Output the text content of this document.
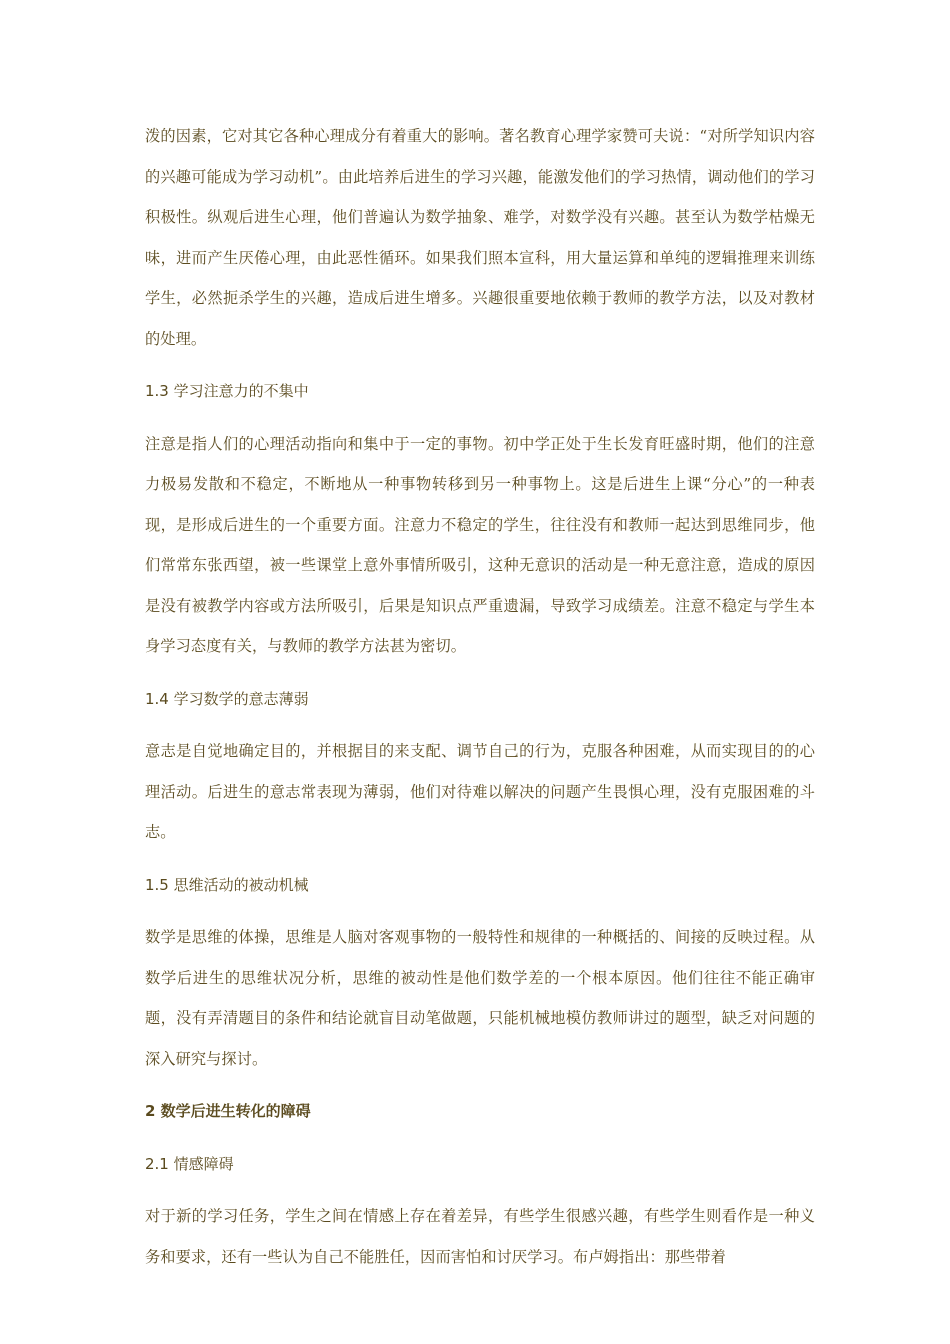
泼的因素，它对其它各种心理成分有着重大的影响。著名教育心理学家赞可夫说：“对所学知识内容的兴趣可能成为学习动机”。由此培养后进生的学习兴趣，能激发他们的学习热情，调动他们的学习积极性。纵观后进生心理，他们普遍认为数学抽象、难学，对数学没有兴趣。甚至认为数学枯燥无味，进而产生厌倦心理，由此恶性循环。如果我们照本宣科，用大量运算和单纯的逻辑推理来训练学生，必然扼杀学生的兴趣，造成后进生增多。兴趣很重要地依赖于教师的教学方法，以及对教材的处理。

1.3 学习注意力的不集中

注意是指人们的心理活动指向和集中于一定的事物。初中学正处于生长发育旺盛时期，他们的注意力极易发散和不稳定，不断地从一种事物转移到另一种事物上。这是后进生上课“分心”的一种表现，是形成后进生的一个重要方面。注意力不稳定的学生，往往没有和教师一起达到思维同步，他们常常东张西望，被一些课堂上意外事情所吸引，这种无意识的活动是一种无意注意，造成的原因是没有被教学内容或方法所吸引，后果是知识点严重遗漏，导致学习成绩差。注意不稳定与学生本身学习态度有关，与教师的教学方法甚为密切。

1.4 学习数学的意志薄弱

意志是自觉地确定目的，并根据目的来支配、调节自己的行为，克服各种困难，从而实现目的的心理活动。后进生的意志常表现为薄弱，他们对待难以解决的问题产生畏惧心理，没有克服困难的斗志。

1.5 思维活动的被动机械

数学是思维的体操，思维是人脑对客观事物的一般特性和规律的一种概括的、间接的反映过程。从数学后进生的思维状况分析，思维的被动性是他们数学差的一个根本原因。他们往往不能正确审题，没有弄清题目的条件和结论就盲目动笔做题，只能机械地模仿教师讲过的题型，缺乏对问题的深入研究与探讨。

2 数学后进生转化的障碍

2.1 情感障碍

对于新的学习任务，学生之间在情感上存在着差异，有些学生很感兴趣，有些学生则看作是一种义务和要求，还有一些认为自己不能胜任，因而害怕和讨厌学习。布卢姆指出：那些带着
